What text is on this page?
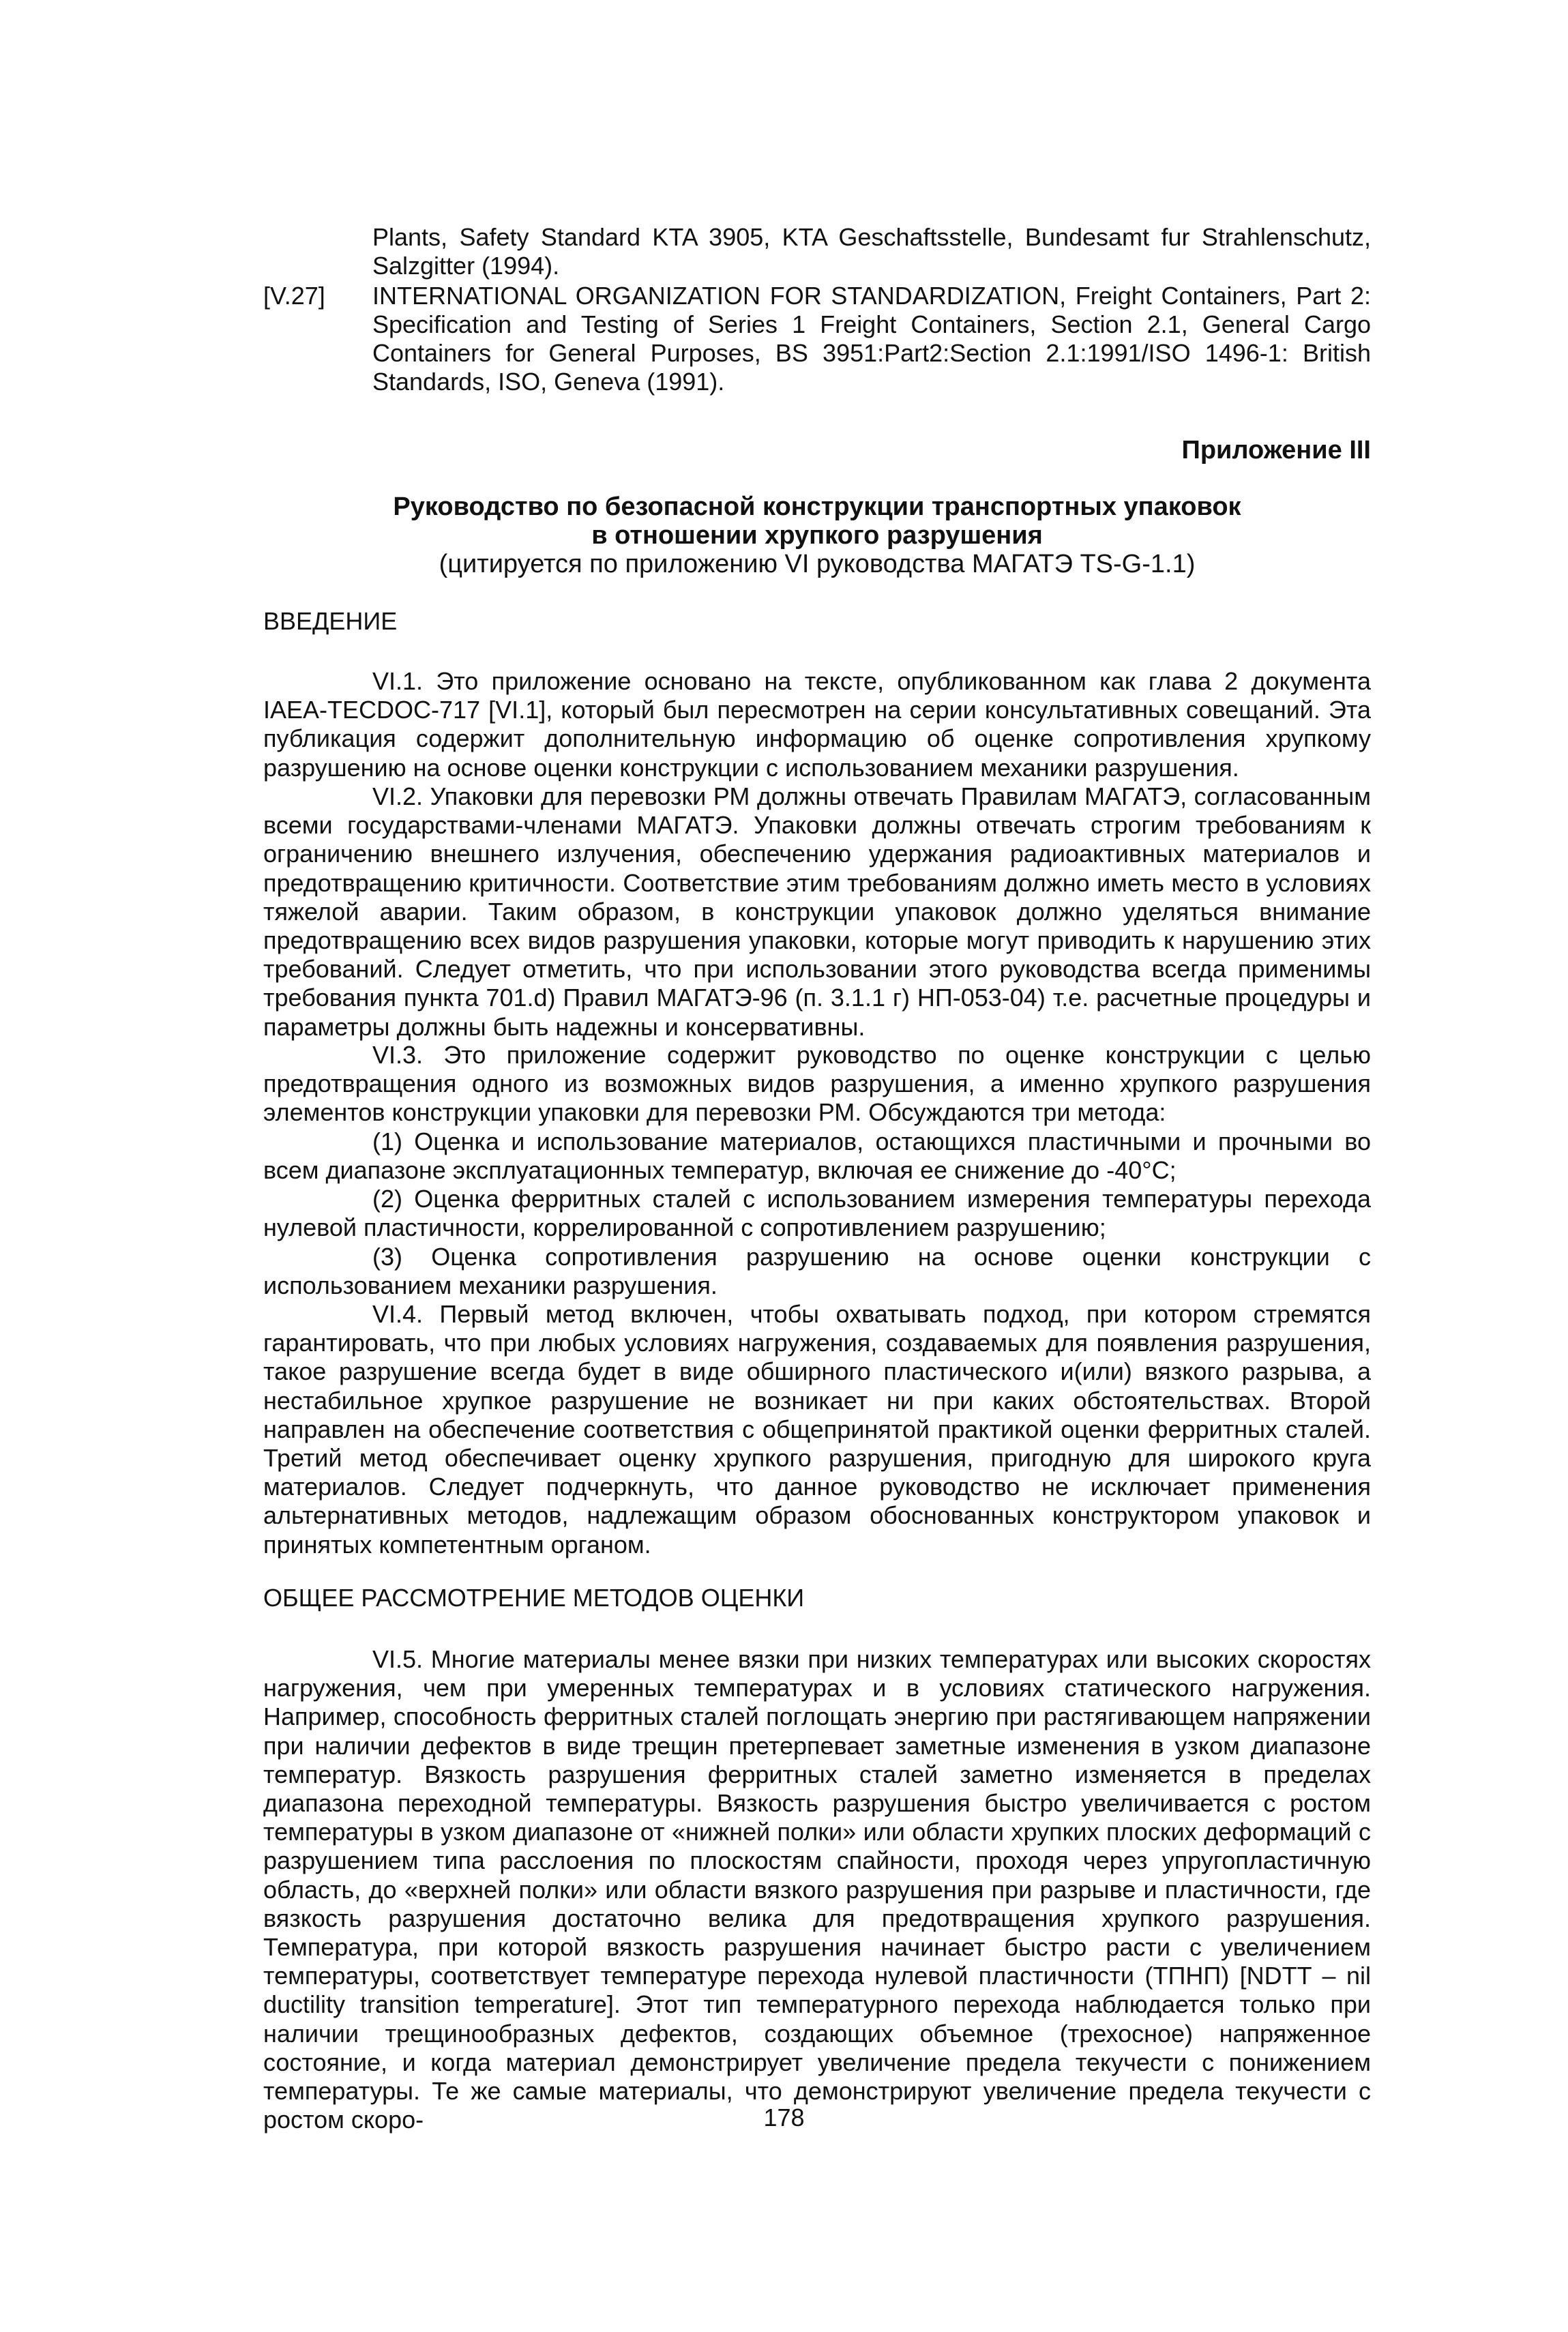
Plants, Safety Standard KTA 3905, KTA Geschaftsstelle, Bundesamt fur Strahlenschutz, Salzgitter (1994).
[V.27] INTERNATIONAL ORGANIZATION FOR STANDARDIZATION, Freight Containers, Part 2: Specification and Testing of Series 1 Freight Containers, Section 2.1, General Cargo Containers for General Purposes, BS 3951:Part2:Section 2.1:1991/ISO 1496-1: British Standards, ISO, Geneva (1991).
Приложение III
Руководство по безопасной конструкции транспортных упаковок
в отношении хрупкого разрушения
(цитируется по приложению VI руководства МАГАТЭ TS-G-1.1)
ВВЕДЕНИЕ
VI.1. Это приложение основано на тексте, опубликованном как глава 2 документа IAEA-TECDOC-717 [VI.1], который был пересмотрен на серии консультативных совещаний. Эта публикация содержит дополнительную информацию об оценке сопротивления хрупкому разрушению на основе оценки конструкции с использованием механики разрушения.
VI.2. Упаковки для перевозки РМ должны отвечать Правилам МАГАТЭ, согласованным всеми государствами-членами МАГАТЭ. Упаковки должны отвечать строгим требованиям к ограничению внешнего излучения, обеспечению удержания радиоактивных материалов и предотвращению критичности. Соответствие этим требованиям должно иметь место в условиях тяжелой аварии. Таким образом, в конструкции упаковок должно уделяться внимание предотвращению всех видов разрушения упаковки, которые могут приводить к нарушению этих требований. Следует отметить, что при использовании этого руководства всегда применимы требования пункта 701.d) Правил МАГАТЭ-96 (п. 3.1.1 г) НП-053-04) т.е. расчетные процедуры и параметры должны быть надежны и консервативны.
VI.3. Это приложение содержит руководство по оценке конструкции с целью предотвращения одного из возможных видов разрушения, а именно хрупкого разрушения элементов конструкции упаковки для перевозки РМ. Обсуждаются три метода:
(1) Оценка и использование материалов, остающихся пластичными и прочными во всем диапазоне эксплуатационных температур, включая ее снижение до -40°С;
(2) Оценка ферритных сталей с использованием измерения температуры перехода нулевой пластичности, коррелированной с сопротивлением разрушению;
(3) Оценка сопротивления разрушению на основе оценки конструкции с использованием механики разрушения.
VI.4. Первый метод включен, чтобы охватывать подход, при котором стремятся гарантировать, что при любых условиях нагружения, создаваемых для появления разрушения, такое разрушение всегда будет в виде обширного пластического и(или) вязкого разрыва, а нестабильное хрупкое разрушение не возникает ни при каких обстоятельствах. Второй направлен на обеспечение соответствия с общепринятой практикой оценки ферритных сталей. Третий метод обеспечивает оценку хрупкого разрушения, пригодную для широкого круга материалов. Следует подчеркнуть, что данное руководство не исключает применения альтернативных методов, надлежащим образом обоснованных конструктором упаковок и принятых компетентным органом.
ОБЩЕЕ РАССМОТРЕНИЕ МЕТОДОВ ОЦЕНКИ
VI.5. Многие материалы менее вязки при низких температурах или высоких скоростях нагружения, чем при умеренных температурах и в условиях статического нагружения. Например, способность ферритных сталей поглощать энергию при растягивающем напряжении при наличии дефектов в виде трещин претерпевает заметные изменения в узком диапазоне температур. Вязкость разрушения ферритных сталей заметно изменяется в пределах диапазона переходной температуры. Вязкость разрушения быстро увеличивается с ростом температуры в узком диапазоне от «нижней полки» или области хрупких плоских деформаций с разрушением типа расслоения по плоскостям спайности, проходя через упругопластичную область, до «верхней полки» или области вязкого разрушения при разрыве и пластичности, где вязкость разрушения достаточно велика для предотвращения хрупкого разрушения. Температура, при которой вязкость разрушения начинает быстро расти с увеличением температуры, соответствует температуре перехода нулевой пластичности (ТПНП) [NDTT – nil ductility transition temperature]. Этот тип температурного перехода наблюдается только при наличии трещинообразных дефектов, создающих объемное (трехосное) напряженное состояние, и когда материал демонстрирует увеличение предела текучести с понижением температуры. Те же самые материалы, что демонстрируют увеличение предела текучести с ростом скоро-	178
